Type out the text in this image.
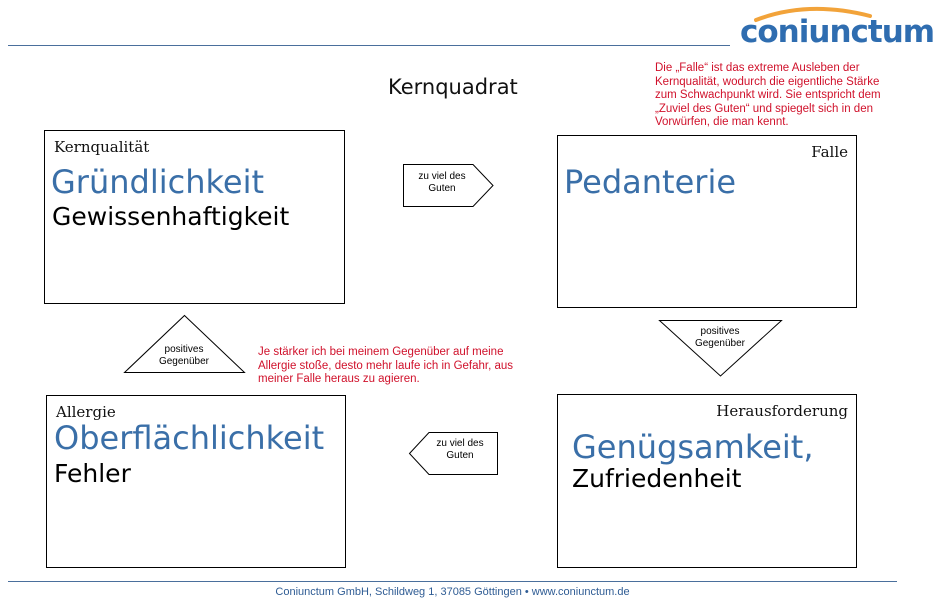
coniunctum
Kernquadrat
Die „Falle“ ist das extreme Ausleben der Kernqualität, wodurch die eigentliche Stärke zum Schwachpunkt wird. Sie entspricht dem „Zuviel des Guten“ und spiegelt sich in den Vorwürfen, die man kennt.
Je stärker ich bei meinem Gegenüber auf meine Allergie stoße, desto mehr laufe ich in Gefahr, aus meiner Falle heraus zu agieren.
Kernqualität
Gründlichkeit
Gewissenhaftigkeit
Falle
Pedanterie
Allergie
Oberflächlichkeit
Fehler
Herausforderung
Genügsamkeit,
Zufriedenheit
zu viel des Guten
zu viel des Guten
positives Gegenüber
positives Gegenüber
Coniunctum GmbH, Schildweg 1, 37085 Göttingen • www.coniunctum.de
